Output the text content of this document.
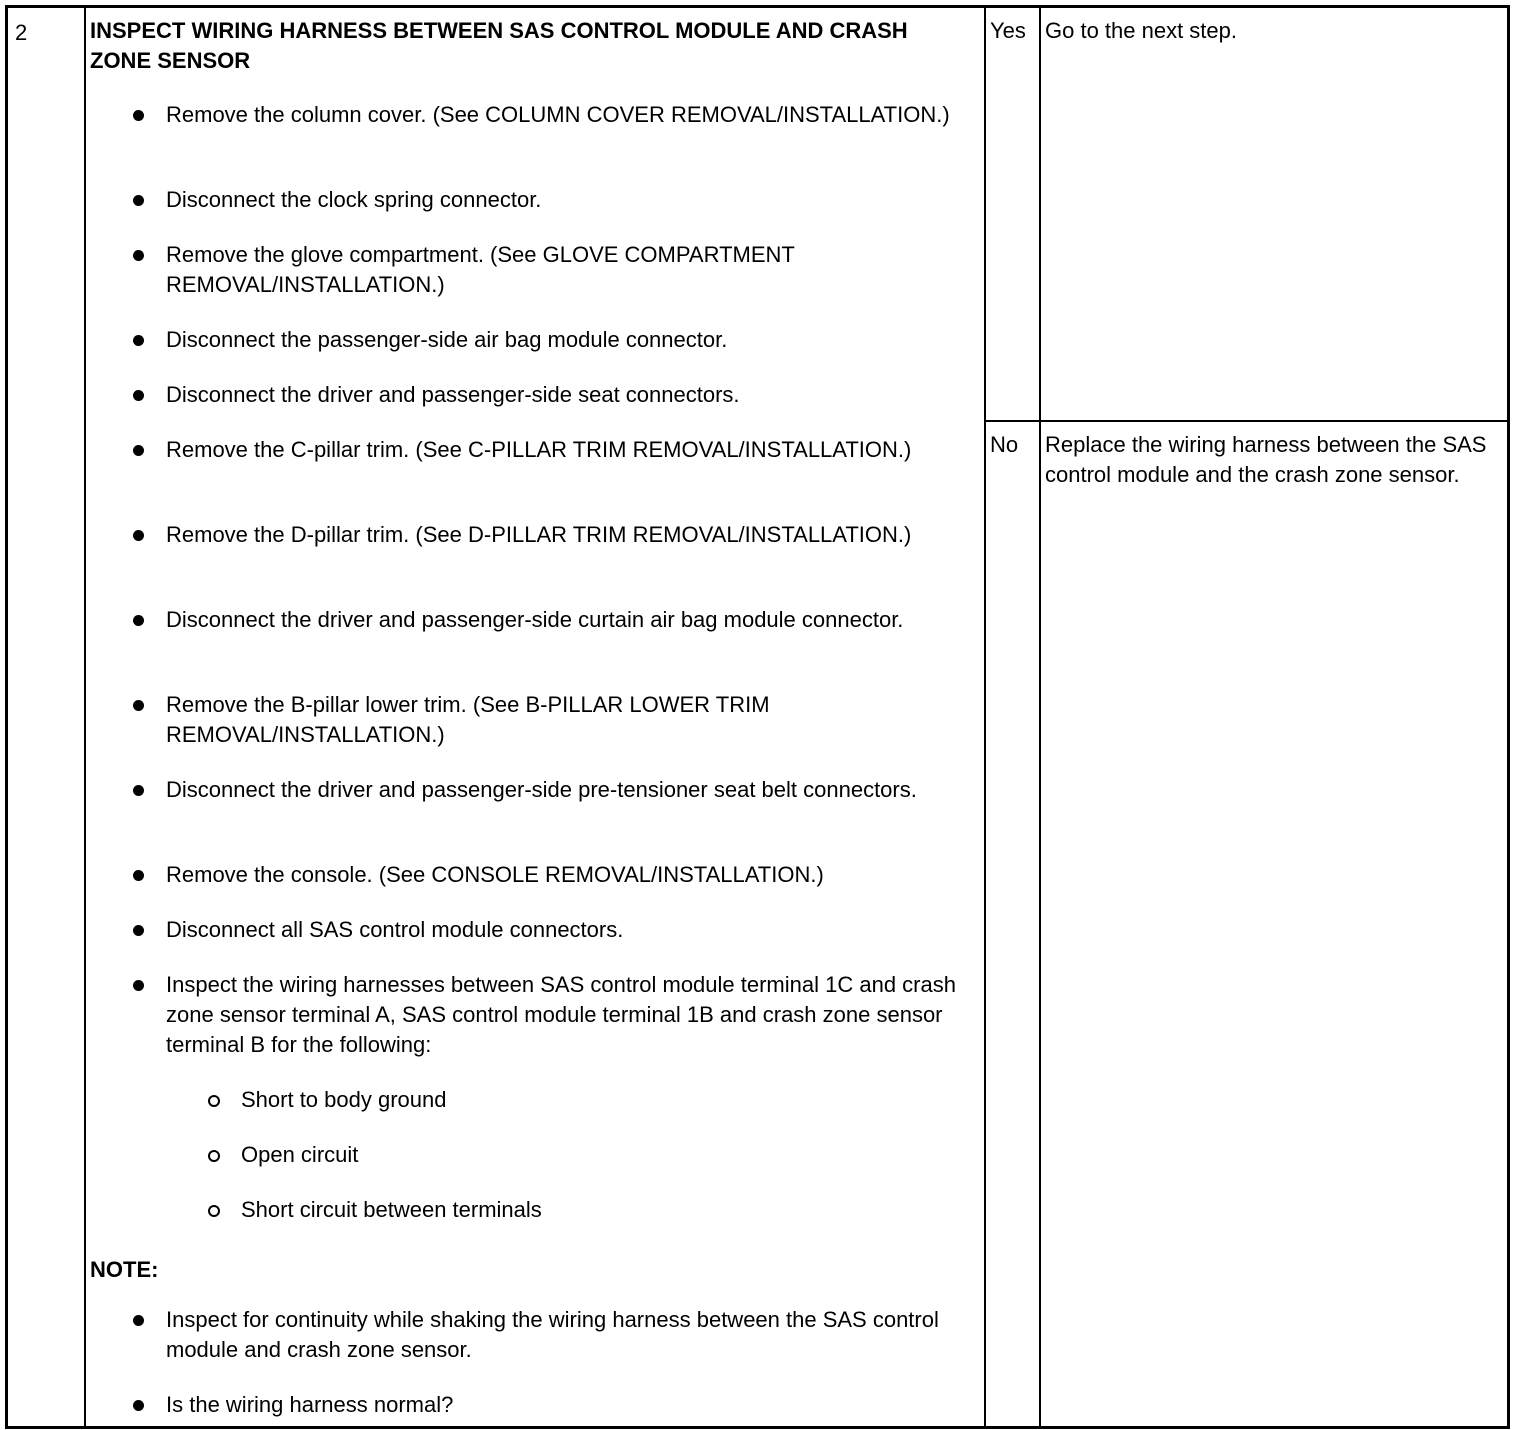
2	INSPECT WIRING HARNESS BETWEEN SAS CONTROL MODULE AND CRASH ZONE SENSOR
Remove the column cover. (See COLUMN COVER REMOVAL/INSTALLATION.)
Disconnect the clock spring connector.
Remove the glove compartment. (See GLOVE COMPARTMENT REMOVAL/INSTALLATION.)
Disconnect the passenger-side air bag module connector.
Disconnect the driver and passenger-side seat connectors.
Remove the C-pillar trim. (See C-PILLAR TRIM REMOVAL/INSTALLATION.)
Remove the D-pillar trim. (See D-PILLAR TRIM REMOVAL/INSTALLATION.)
Disconnect the driver and passenger-side curtain air bag module connector.
Remove the B-pillar lower trim. (See B-PILLAR LOWER TRIM REMOVAL/INSTALLATION.)
Disconnect the driver and passenger-side pre-tensioner seat belt connectors.
Remove the console. (See CONSOLE REMOVAL/INSTALLATION.)
Disconnect all SAS control module connectors.
Inspect the wiring harnesses between SAS control module terminal 1C and crash zone sensor terminal A, SAS control module terminal 1B and crash zone sensor terminal B for the following:
Short to body ground
Open circuit
Short circuit between terminals
NOTE:
Inspect for continuity while shaking the wiring harness between the SAS control module and crash zone sensor.
Is the wiring harness normal?
Yes Go to the next step.
No Replace the wiring harness between the SAS control module and the crash zone sensor.
